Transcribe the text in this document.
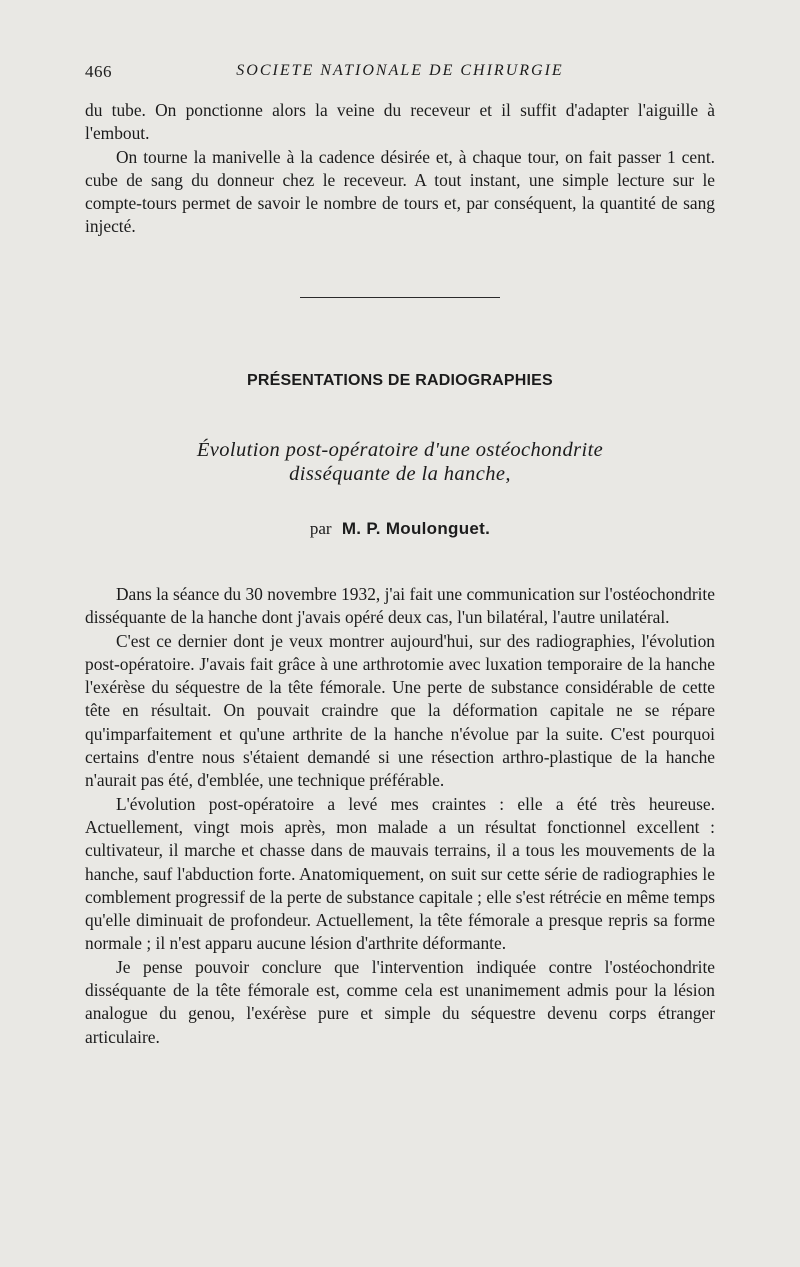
466	SOCIETE NATIONALE DE CHIRURGIE

du tube. On ponctionne alors la veine du receveur et il suffit d'adapter l'aiguille à l'embout.

On tourne la manivelle à la cadence désirée et, à chaque tour, on fait passer 1 cent. cube de sang du donneur chez le receveur. A tout instant, une simple lecture sur le compte-tours permet de savoir le nombre de tours et, par conséquent, la quantité de sang injecté.

PRÉSENTATIONS DE RADIOGRAPHIES
Évolution post-opératoire d'une ostéochondrite
disséquante de la hanche,
par M. P. Moulonguet.

Dans la séance du 30 novembre 1932, j'ai fait une communication sur l'ostéochondrite disséquante de la hanche dont j'avais opéré deux cas, l'un bilatéral, l'autre unilatéral.

C'est ce dernier dont je veux montrer aujourd'hui, sur des radiographies, l'évolution post-opératoire. J'avais fait grâce à une arthrotomie avec luxation temporaire de la hanche l'exérèse du séquestre de la tête fémorale. Une perte de substance considérable de cette tête en résultait. On pouvait craindre que la déformation capitale ne se répare qu'imparfaitement et qu'une arthrite de la hanche n'évolue par la suite. C'est pourquoi certains d'entre nous s'étaient demandé si une résection arthro-plastique de la hanche n'aurait pas été, d'emblée, une technique préférable.

L'évolution post-opératoire a levé mes craintes : elle a été très heureuse. Actuellement, vingt mois après, mon malade a un résultat fonctionnel excellent : cultivateur, il marche et chasse dans de mauvais terrains, il a tous les mouvements de la hanche, sauf l'abduction forte. Anatomiquement, on suit sur cette série de radiographies le comblement progressif de la perte de substance capitale ; elle s'est rétrécie en même temps qu'elle diminuait de profondeur. Actuellement, la tête fémorale a presque repris sa forme normale ; il n'est apparu aucune lésion d'arthrite déformante.

Je pense pouvoir conclure que l'intervention indiquée contre l'ostéochondrite disséquante de la tête fémorale est, comme cela est unanimement admis pour la lésion analogue du genou, l'exérèse pure et simple du séquestre devenu corps étranger articulaire.
